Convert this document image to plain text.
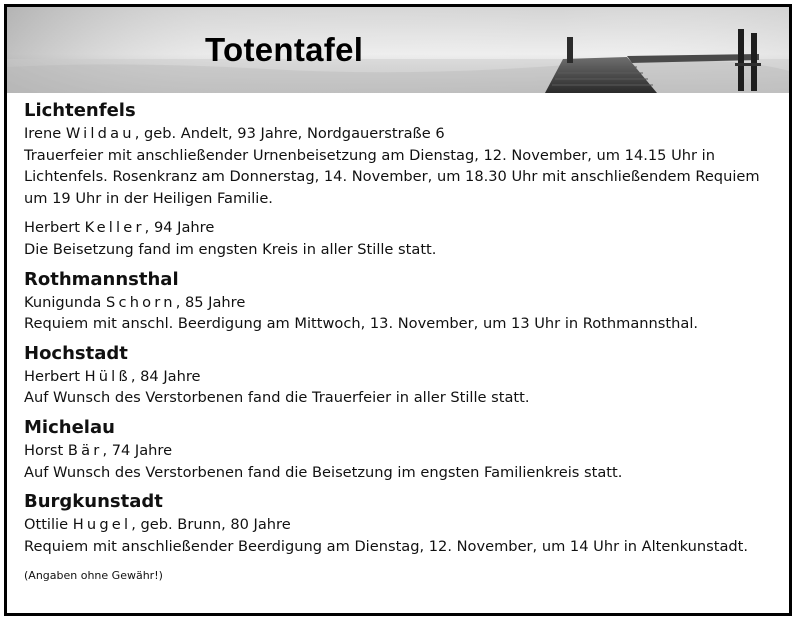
Totentafel
Lichtenfels

Irene Wildau, geb. Andelt, 93 Jahre, Nordgauerstraße 6

Trauerfeier mit anschließender Urnenbeisetzung am Dienstag, 12. November, um 14.15 Uhr in Lichtenfels. Rosenkranz am Donnerstag, 14. November, um 18.30 Uhr mit anschließendem Requiem um 19 Uhr in der Heiligen Familie.

Herbert Keller, 94 Jahre

Die Beisetzung fand im engsten Kreis in aller Stille statt.

Rothmannsthal

Kunigunda Schorn, 85 Jahre

Requiem mit anschl. Beerdigung am Mittwoch, 13. November, um 13 Uhr in Rothmannsthal.

Hochstadt

Herbert Hülß, 84 Jahre

Auf Wunsch des Verstorbenen fand die Trauerfeier in aller Stille statt.

Michelau

Horst Bär, 74 Jahre

Auf Wunsch des Verstorbenen fand die Beisetzung im engsten Familienkreis statt.

Burgkunstadt

Ottilie Hugel, geb. Brunn, 80 Jahre

Requiem mit anschließender Beerdigung am Dienstag, 12. November, um 14 Uhr in Altenkunstadt.

(Angaben ohne Gewähr!)
